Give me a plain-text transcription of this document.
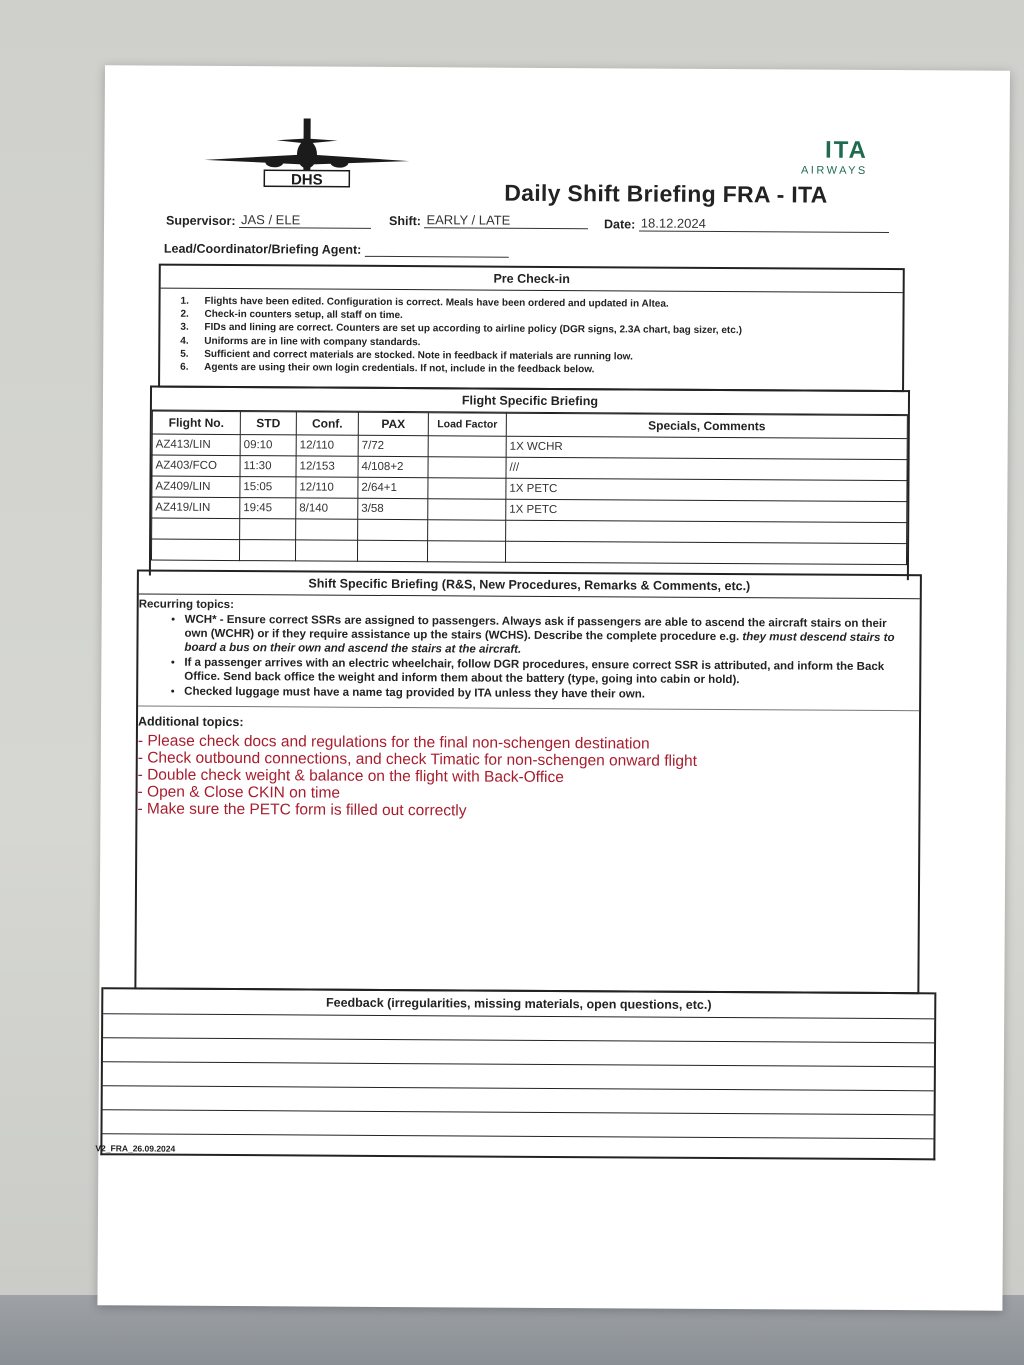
DHS
ITA
AIRWAYS
Daily Shift Briefing FRA - ITA
Supervisor: JAS / ELE	Shift: EARLY / LATE	Date: 18.12.2024
Lead/Coordinator/Briefing Agent:
Pre Check-in
1. Flights have been edited. Configuration is correct. Meals have been ordered and updated in Altea.
2. Check-in counters setup, all staff on time.
3. FIDs and lining are correct. Counters are set up according to airline policy (DGR signs, 2.3A chart, bag sizer, etc.)
4. Uniforms are in line with company standards.
5. Sufficient and correct materials are stocked. Note in feedback if materials are running low.
6. Agents are using their own login credentials. If not, include in the feedback below.
Flight Specific Briefing
Flight No.	STD	Conf.	PAX	Load Factor	Specials, Comments
AZ413/LIN	09:10	12/110	7/72		1X WCHR
AZ403/FCO	11:30	12/153	4/108+2		///
AZ409/LIN	15:05	12/110	2/64+1		1X PETC
AZ419/LIN	19:45	8/140	3/58		1X PETC

Shift Specific Briefing (R&S, New Procedures, Remarks & Comments, etc.)
Recurring topics:
• WCH* - Ensure correct SSRs are assigned to passengers. Always ask if passengers are able to ascend the aircraft stairs on their own (WCHR) or if they require assistance up the stairs (WCHS). Describe the complete procedure e.g. they must descend stairs to board a bus on their own and ascend the stairs at the aircraft.
• If a passenger arrives with an electric wheelchair, follow DGR procedures, ensure correct SSR is attributed, and inform the Back Office. Send back office the weight and inform them about the battery (type, going into cabin or hold).
• Checked luggage must have a name tag provided by ITA unless they have their own.
Additional topics:
- Please check docs and regulations for the final non-schengen destination
- Check outbound connections, and check Timatic for non-schengen onward flight
- Double check weight & balance on the flight with Back-Office
- Open & Close CKIN on time
- Make sure the PETC form is filled out correctly
Feedback (irregularities, missing materials, open questions, etc.)
V2_FRA_26.09.2024
